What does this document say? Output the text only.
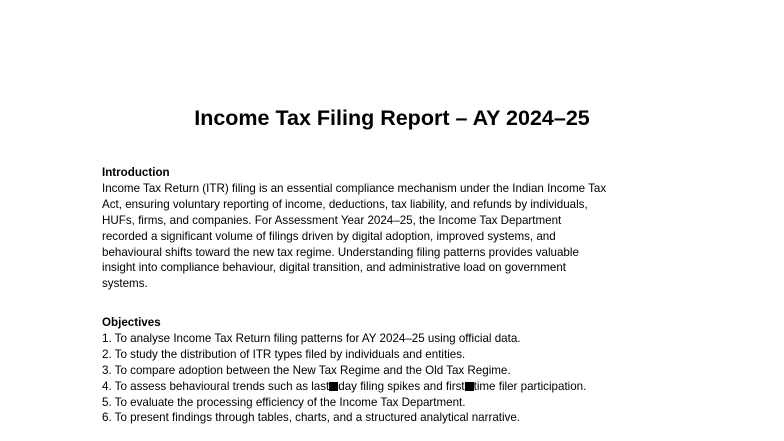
Income Tax Filing Report – AY 2024–25
Introduction
Income Tax Return (ITR) filing is an essential compliance mechanism under the Indian Income Tax
Act, ensuring voluntary reporting of income, deductions, tax liability, and refunds by individuals,
HUFs, firms, and companies. For Assessment Year 2024–25, the Income Tax Department
recorded a significant volume of filings driven by digital adoption, improved systems, and
behavioural shifts toward the new tax regime. Understanding filing patterns provides valuable
insight into compliance behaviour, digital transition, and administrative load on government
systems.
Objectives
1. To analyse Income Tax Return filing patterns for AY 2024–25 using official data.
2. To study the distribution of ITR types filed by individuals and entities.
3. To compare adoption between the New Tax Regime and the Old Tax Regime.
4. To assess behavioural trends such as last day filing spikes and first time filer participation.
5. To evaluate the processing efficiency of the Income Tax Department.
6. To present findings through tables, charts, and a structured analytical narrative.
